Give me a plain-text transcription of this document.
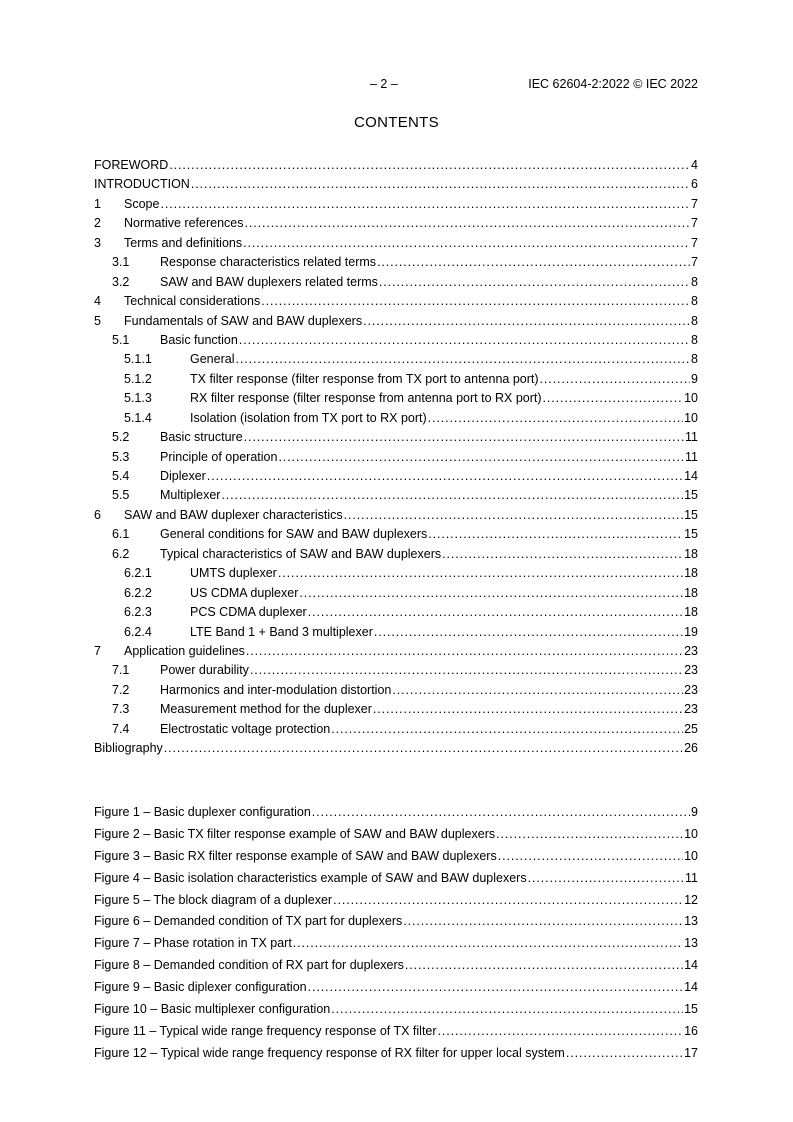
– 2 –	IEC 62604-2:2022 © IEC 2022
CONTENTS
FOREWORD .....	4
INTRODUCTION .....	6
1 Scope .....	7
2 Normative references .....	7
3 Terms and definitions .....	7
3.1 Response characteristics related terms .....	7
3.2 SAW and BAW duplexers related terms .....	8
4 Technical considerations .....	8
5 Fundamentals of SAW and BAW duplexers .....	8
5.1 Basic function .....	8
5.1.1	General .....	8
5.1.2	TX filter response (filter response from TX port to antenna port) .....	9
5.1.3	RX filter response (filter response from antenna port to RX port) .....	10
5.1.4	Isolation (isolation from TX port to RX port) .....	10
5.2 Basic structure .....	11
5.3 Principle of operation .....	11
5.4 Diplexer .....	14
5.5 Multiplexer .....	15
6 SAW and BAW duplexer characteristics .....	15
6.1 General conditions for SAW and BAW duplexers .....	15
6.2 Typical characteristics of SAW and BAW duplexers .....	18
6.2.1	UMTS duplexer .....	18
6.2.2	US CDMA duplexer .....	18
6.2.3	PCS CDMA duplexer .....	18
6.2.4	LTE Band 1 + Band 3 multiplexer .....	19
7 Application guidelines .....	23
7.1 Power durability .....	23
7.2 Harmonics and inter-modulation distortion .....	23
7.3 Measurement method for the duplexer .....	23
7.4 Electrostatic voltage protection .....	25
Bibliography .....	26
Figure 1 – Basic duplexer configuration .....	9
Figure 2 – Basic TX filter response example of SAW and BAW duplexers .....	10
Figure 3 – Basic RX filter response example of SAW and BAW duplexers .....	10
Figure 4 – Basic isolation characteristics example of SAW and BAW duplexers .....	11
Figure 5 – The block diagram of a duplexer .....	12
Figure 6 – Demanded condition of TX part for duplexers .....	13
Figure 7 – Phase rotation in TX part .....	13
Figure 8 – Demanded condition of RX part for duplexers .....	14
Figure 9 – Basic diplexer configuration .....	14
Figure 10 – Basic multiplexer configuration .....	15
Figure 11 – Typical wide range frequency response of TX filter .....	16
Figure 12 – Typical wide range frequency response of RX filter for upper local system .....	17
